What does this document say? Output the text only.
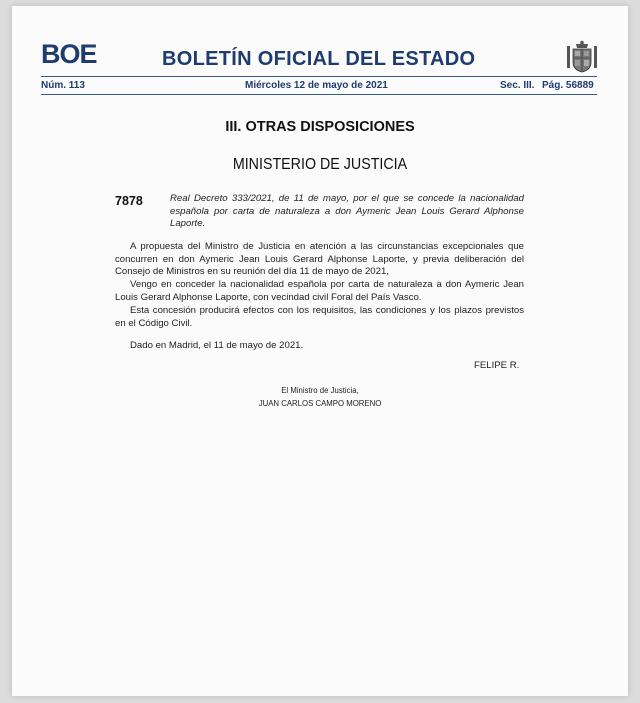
BOE	BOLETÍN OFICIAL DEL ESTADO
Núm. 113	Miércoles 12 de mayo de 2021	Sec. III. Pág. 56889
III. OTRAS DISPOSICIONES
MINISTERIO DE JUSTICIA
7878	Real Decreto 333/2021, de 11 de mayo, por el que se concede la nacionalidad española por carta de naturaleza a don Aymeric Jean Louis Gerard Alphonse Laporte.

A propuesta del Ministro de Justicia en atención a las circunstancias excepcionales que concurren en don Aymeric Jean Louis Gerard Alphonse Laporte, y previa deliberación del Consejo de Ministros en su reunión del día 11 de mayo de 2021,

Vengo en conceder la nacionalidad española por carta de naturaleza a don Aymeric Jean Louis Gerard Alphonse Laporte, con vecindad civil Foral del País Vasco.

Esta concesión producirá efectos con los requisitos, las condiciones y los plazos previstos en el Código Civil.

Dado en Madrid, el 11 de mayo de 2021.
FELIPE R.
El Ministro de Justicia,
JUAN CARLOS CAMPO MORENO
